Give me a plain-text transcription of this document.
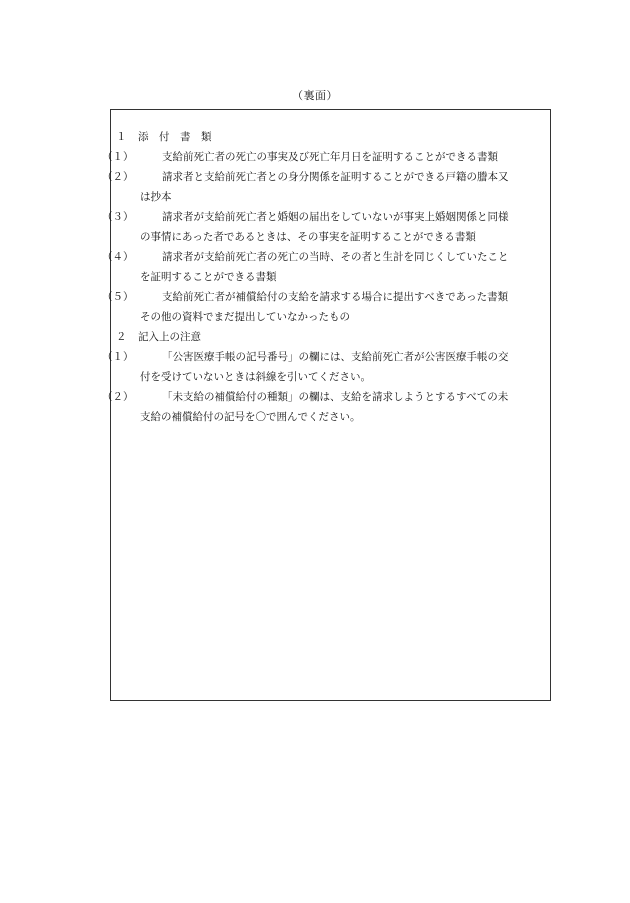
（裏面）
１	添　付　書　類
（１）	支給前死亡者の死亡の事実及び死亡年月日を証明することができる書類
（２）	請求者と支給前死亡者との身分関係を証明することができる戸籍の謄本又
は抄本
（３）	請求者が支給前死亡者と婚姻の届出をしていないが事実上婚姻関係と同様
の事情にあった者であるときは、その事実を証明することができる書類
（４）	請求者が支給前死亡者の死亡の当時、その者と生計を同じくしていたこと
を証明することができる書類
（５）	支給前死亡者が補償給付の支給を請求する場合に提出すべきであった書類
その他の資料でまだ提出していなかったもの
２	記入上の注意
（１）	「公害医療手帳の記号番号」の欄には、支給前死亡者が公害医療手帳の交
付を受けていないときは斜線を引いてください。
（２）	「未支給の補償給付の種類」の欄は、支給を請求しようとするすべての未
支給の補償給付の記号を〇で囲んでください。
